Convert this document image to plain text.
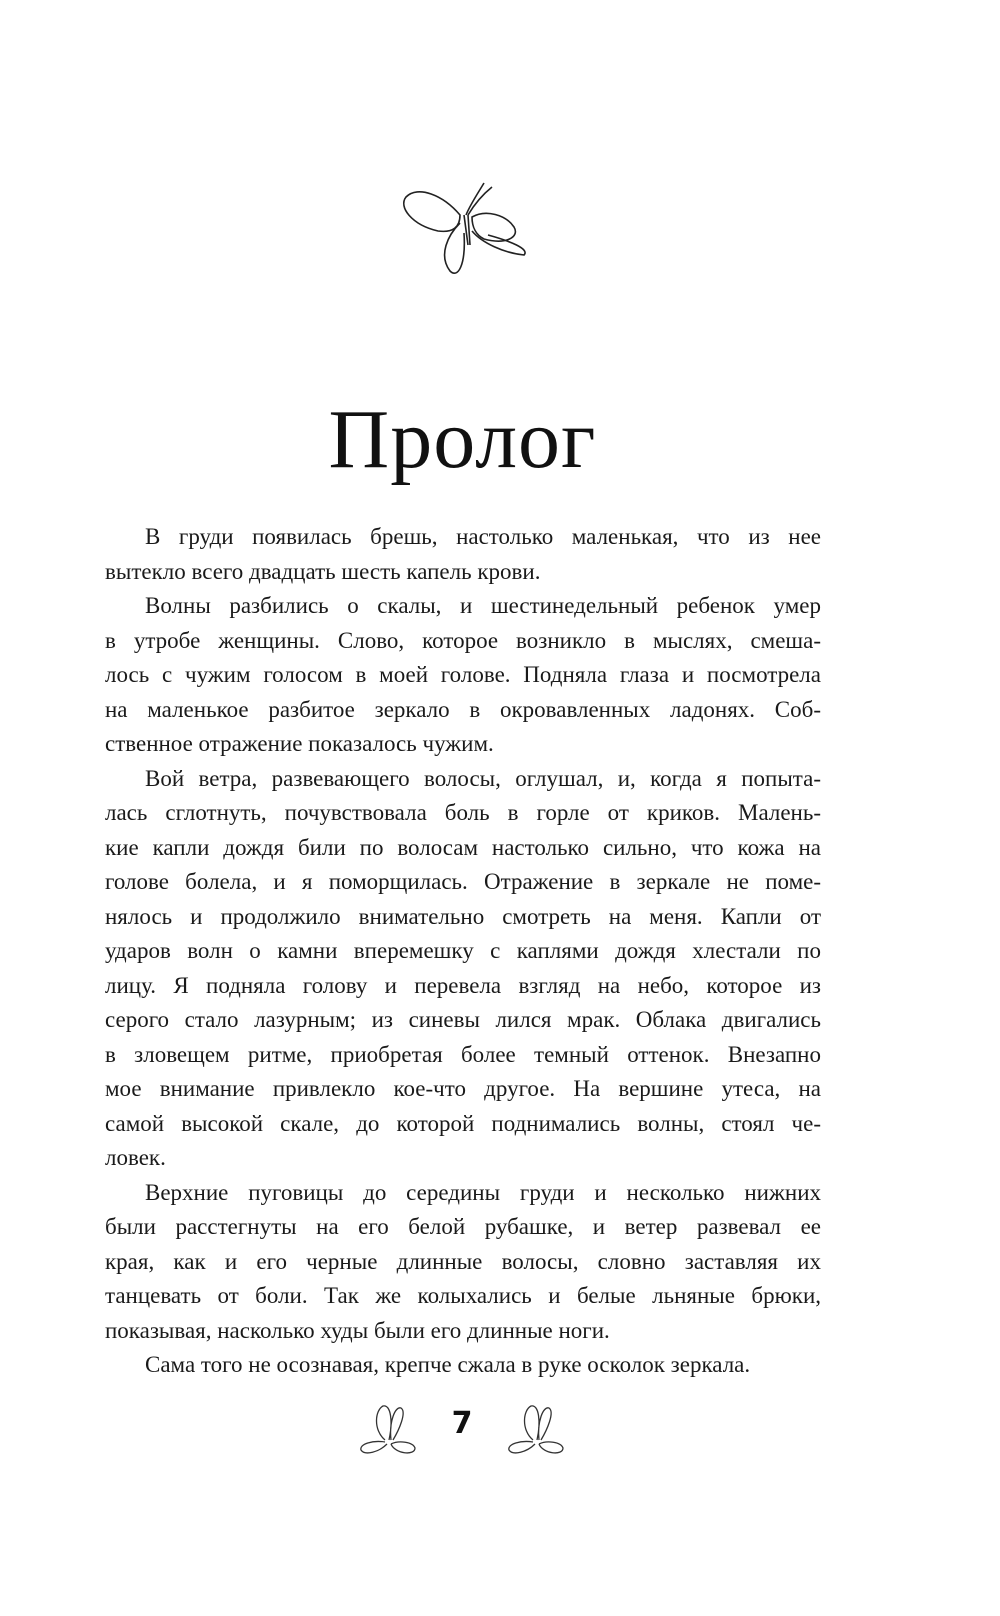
Пролог
В груди появилась брешь, настолько маленькая, что из нее
вытекло всего двадцать шесть капель крови.
Волны разбились о скалы, и шестинедельный ребенок умер
в утробе женщины. Слово, которое возникло в мыслях, смеша-
лось с чужим голосом в моей голове. Подняла глаза и посмотрела
на маленькое разбитое зеркало в окровавленных ладонях. Соб-
ственное отражение показалось чужим.
Вой ветра, развевающего волосы, оглушал, и, когда я попыта-
лась сглотнуть, почувствовала боль в горле от криков. Малень-
кие капли дождя били по волосам настолько сильно, что кожа на
голове болела, и я поморщилась. Отражение в зеркале не поме-
нялось и продолжило внимательно смотреть на меня. Капли от
ударов волн о камни вперемешку с каплями дождя хлестали по
лицу. Я подняла голову и перевела взгляд на небо, которое из
серого стало лазурным; из синевы лился мрак. Облака двигались
в зловещем ритме, приобретая более темный оттенок. Внезапно
мое внимание привлекло кое-что другое. На вершине утеса, на
самой высокой скале, до которой поднимались волны, стоял че-
ловек.
Верхние пуговицы до середины груди и несколько нижних
были расстегнуты на его белой рубашке, и ветер развевал ее
края, как и его черные длинные волосы, словно заставляя их
танцевать от боли. Так же колыхались и белые льняные брюки,
показывая, насколько худы были его длинные ноги.
Сама того не осознавая, крепче сжала в руке осколок зеркала.
7
